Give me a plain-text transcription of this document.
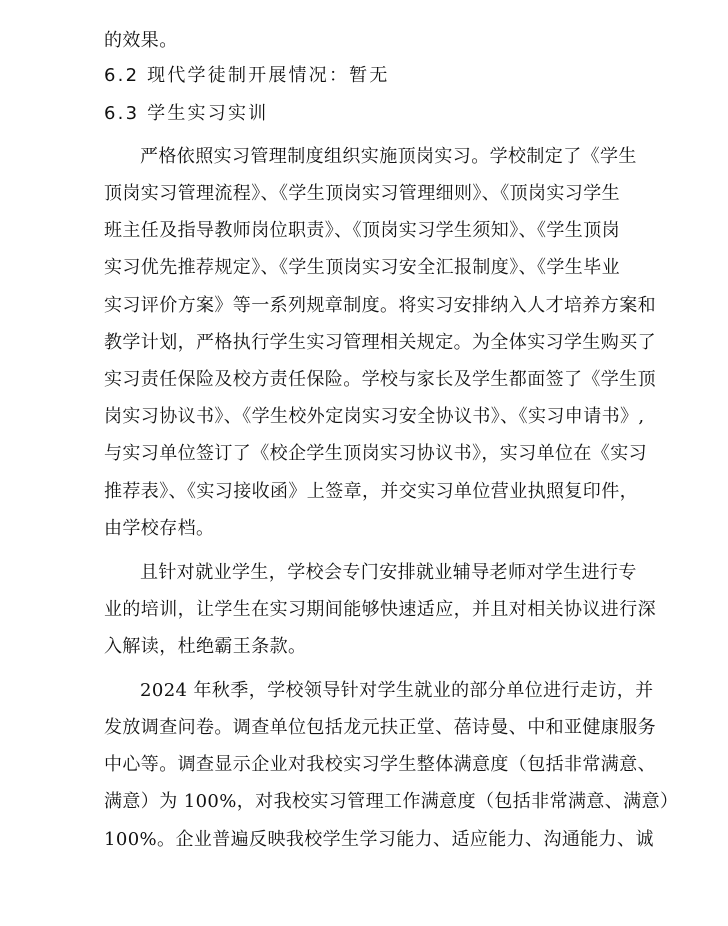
的效果。
6.2 现代学徒制开展情况：暂无
6.3 学生实习实训
严格依照实习管理制度组织实施顶岗实习。学校制定了《学生
顶岗实习管理流程》、《学生顶岗实习管理细则》、《顶岗实习学生
班主任及指导教师岗位职责》、《顶岗实习学生须知》、《学生顶岗
实习优先推荐规定》、《学生顶岗实习安全汇报制度》、《学生毕业
实习评价方案》等一系列规章制度。将实习安排纳入人才培养方案和
教学计划，严格执行学生实习管理相关规定。为全体实习学生购买了
实习责任保险及校方责任保险。学校与家长及学生都面签了《学生顶
岗实习协议书》、《学生校外定岗实习安全协议书》、《实习申请书》,
与实习单位签订了《校企学生顶岗实习协议书》，实习单位在《实习
推荐表》、《实习接收函》上签章，并交实习单位营业执照复印件，
由学校存档。
且针对就业学生，学校会专门安排就业辅导老师对学生进行专
业的培训，让学生在实习期间能够快速适应，并且对相关协议进行深
入解读，杜绝霸王条款。
2024 年秋季，学校领导针对学生就业的部分单位进行走访，并
发放调查问卷。调查单位包括龙元扶正堂、蓓诗曼、中和亚健康服务
中心等。调查显示企业对我校实习学生整体满意度（包括非常满意、
满意）为 100%，对我校实习管理工作满意度（包括非常满意、满意）
100%。企业普遍反映我校学生学习能力、适应能力、沟通能力、诚
